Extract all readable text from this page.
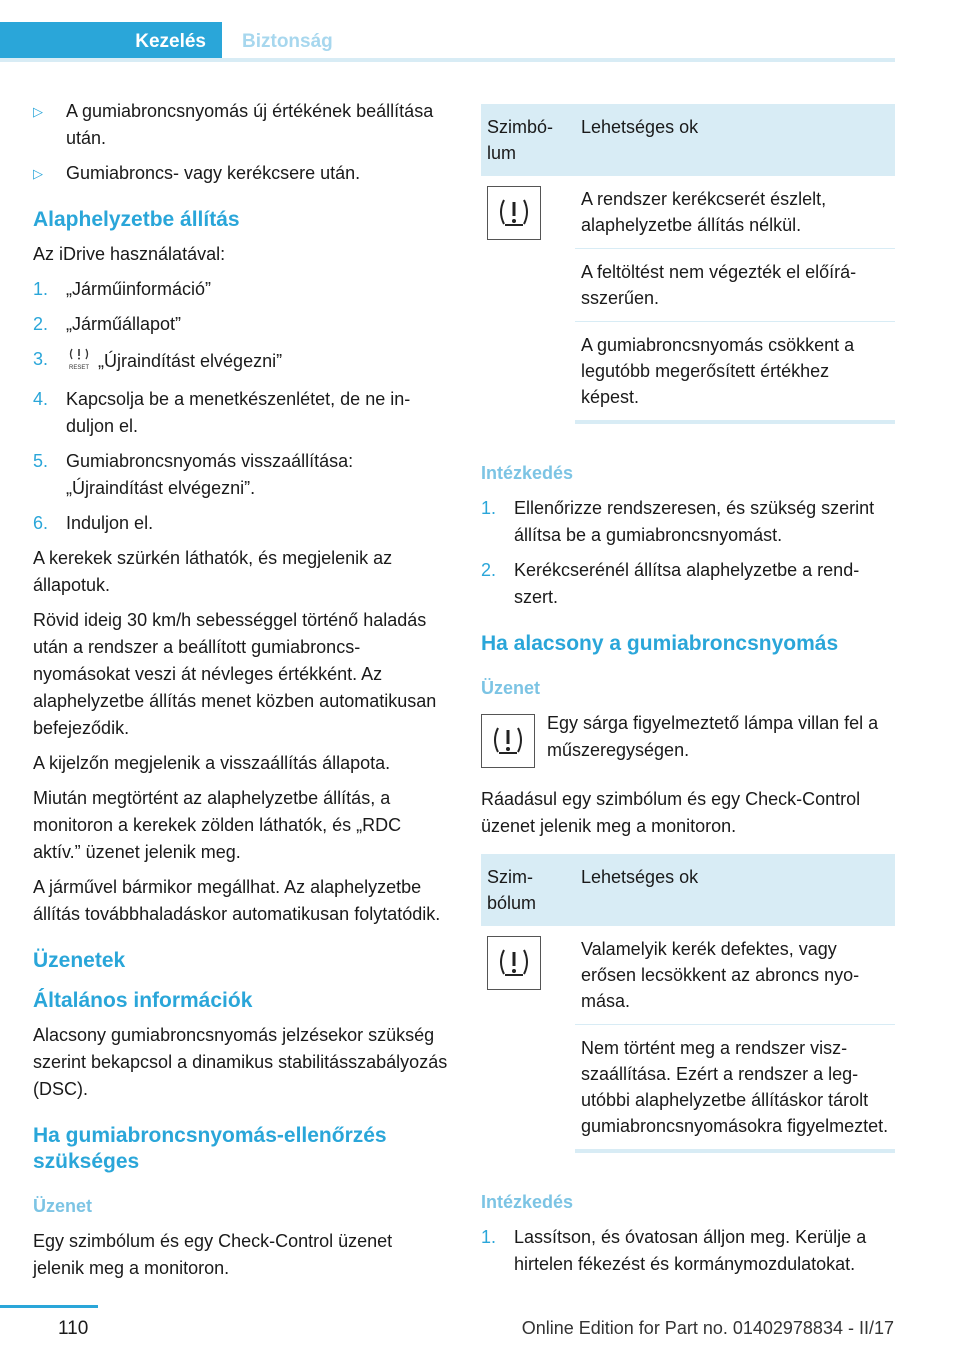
Kezelés	Biztonság
▷ A gumiabroncsnyomás új értékének beállítása után.
▷ Gumiabroncs- vagy kerékcsere után.
Alaphelyzetbe állítás

Az iDrive használatával:

1. „Járműinformáció”
2. „Járműállapot”
3.	RESET „Újraindítást elvégezni”
4. Kapcsolja be a menetkészenlétet, de ne induljon el.
5. Gumiabroncsnyomás visszaállítása: „Újraindítást elvégezni”.
6. Induljon el.

A kerekek szürkén láthatók, és megjelenik az állapotuk.

Rövid ideig 30 km/h sebességgel történő haladás után a rendszer a beállított gumiabroncsnyomásokat veszi át névleges értékként. Az alaphelyzetbe állítás menet közben automatikusan befejeződik.

A kijelzőn megjelenik a visszaállítás állapota.

Miután megtörtént az alaphelyzetbe állítás, a monitoron a kerekek zölden láthatók, és „RDC aktív.” üzenet jelenik meg.

A járművel bármikor megállhat. Az alaphelyzetbe állítás továbbhaladáskor automatikusan folytatódik.

Üzenetek
Általános információk

Alacsony gumiabroncsnyomás jelzésekor szükség szerint bekapcsol a dinamikus stabilitásszabályozás (DSC).

Ha gumiabroncsnyomás-ellenőrzés szükséges
Üzenet

Egy szimbólum és egy Check-Control üzenet jelenik meg a monitoron.

Szimbólum	Lehetséges ok

	A rendszer kerékcserét észlelt, alaphelyzetbe állítás nélkül.
	A feltöltést nem végezték el előírásszerűen.
	A gumiabroncsnyomás csökkent a legutóbb megerősített értékhez képest.
Intézkedés
1. Ellenőrizze rendszeresen, és szükség szerint állítsa be a gumiabroncsnyomást.
2. Kerékcserénél állítsa alaphelyzetbe a rendszert.
Ha alacsony a gumiabroncsnyomás
Üzenet

Egy sárga figyelmeztető lámpa villan fel a műszeregységen.

Ráadásul egy szimbólum és egy Check-Control üzenet jelenik meg a monitoron.

Szimbólum	Lehetséges ok

	Valamelyik kerék defektes, vagy erősen lecsökkent az abroncs nyomása.
	Nem történt meg a rendszer viszszaállítása. Ezért a rendszer a legutóbbi alaphelyzetbe állításkor tárolt gumiabroncsnyomásokra figyelmeztet.
Intézkedés
1. Lassítson, és óvatosan álljon meg. Kerülje a hirtelen fékezést és kormánymozdulatokat.
110	Online Edition for Part no. 01402978834 - II/17
